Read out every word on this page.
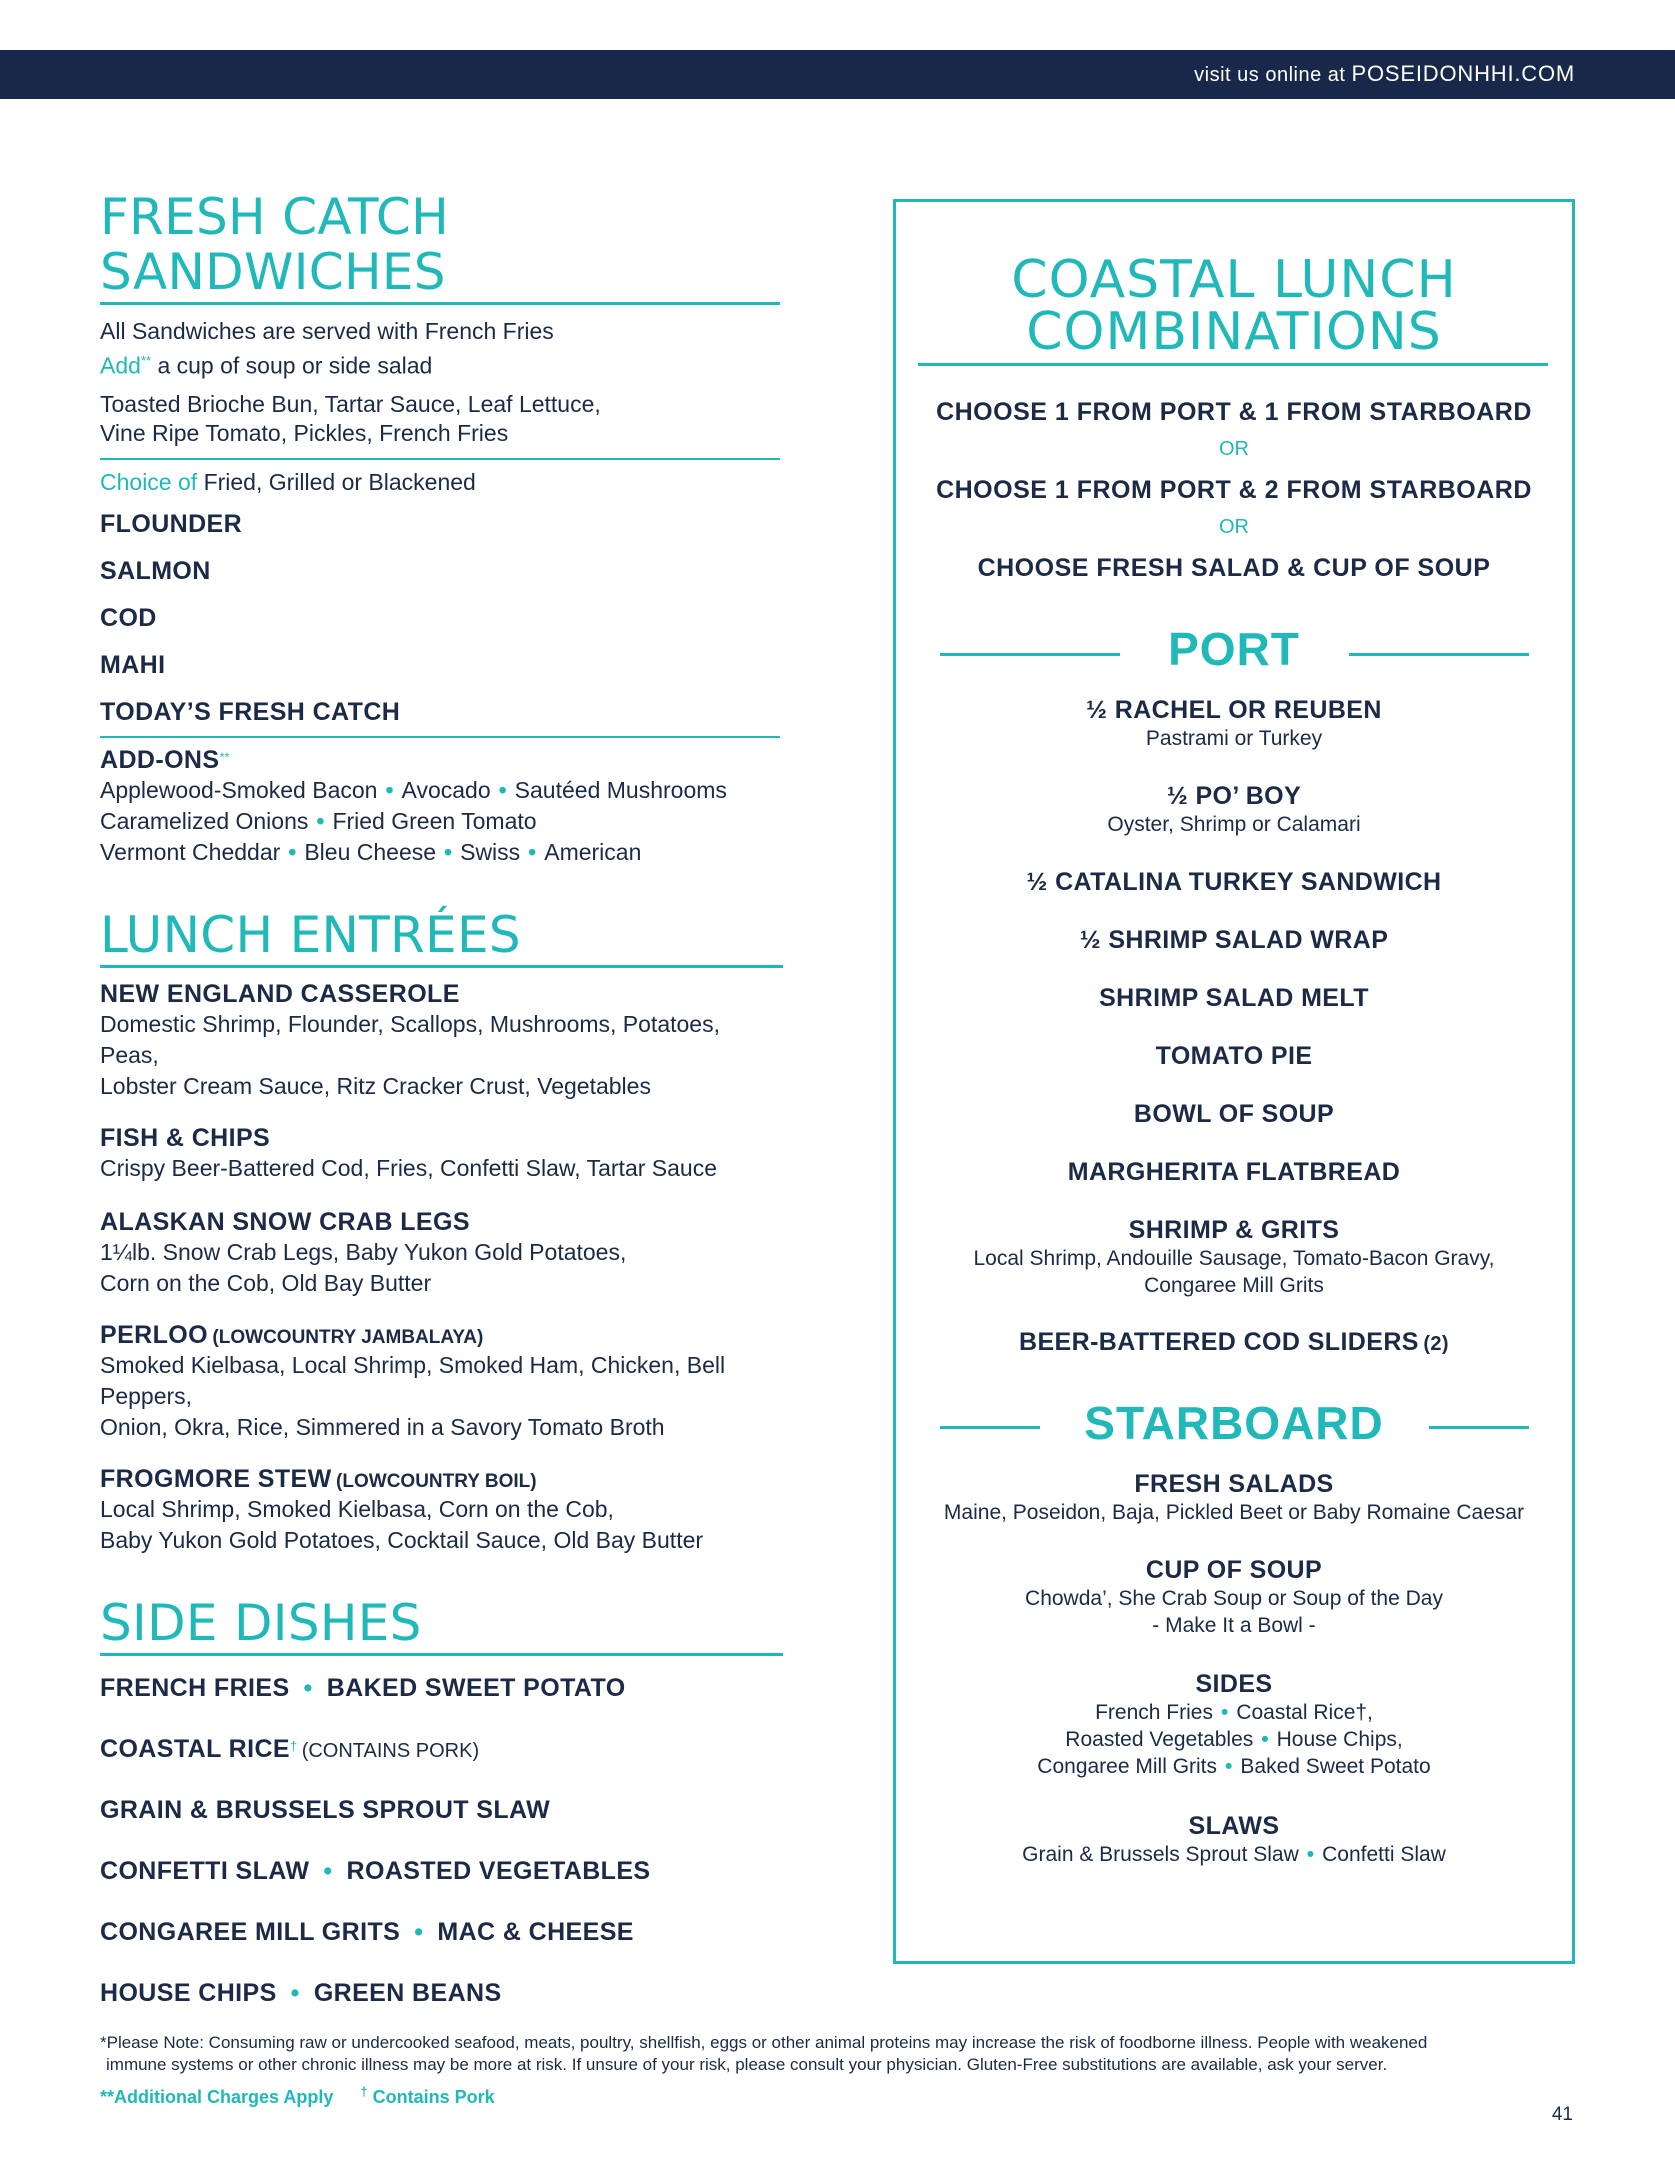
visit us online at POSEIDONHHI.COM
FRESH CATCH SANDWICHES
All Sandwiches are served with French Fries
Add** a cup of soup or side salad
Toasted Brioche Bun, Tartar Sauce, Leaf Lettuce,
Vine Ripe Tomato, Pickles, French Fries
Choice of Fried, Grilled or Blackened
FLOUNDER
SALMON
COD
MAHI
TODAY’S FRESH CATCH
ADD-ONS**
Applewood-Smoked Bacon • Avocado • Sautéed Mushrooms
Caramelized Onions • Fried Green Tomato
Vermont Cheddar • Bleu Cheese • Swiss • American
LUNCH ENTRÉES
NEW ENGLAND CASSEROLE
Domestic Shrimp, Flounder, Scallops, Mushrooms, Potatoes, Peas,
Lobster Cream Sauce, Ritz Cracker Crust, Vegetables
FISH & CHIPS
Crispy Beer-Battered Cod, Fries, Confetti Slaw, Tartar Sauce
ALASKAN SNOW CRAB LEGS
1¼lb. Snow Crab Legs, Baby Yukon Gold Potatoes,
Corn on the Cob, Old Bay Butter
PERLOO (LOWCOUNTRY JAMBALAYA)
Smoked Kielbasa, Local Shrimp, Smoked Ham, Chicken, Bell Peppers,
Onion, Okra, Rice, Simmered in a Savory Tomato Broth
FROGMORE STEW (LOWCOUNTRY BOIL)
Local Shrimp, Smoked Kielbasa, Corn on the Cob,
Baby Yukon Gold Potatoes, Cocktail Sauce, Old Bay Butter
SIDE DISHES
FRENCH FRIES • BAKED SWEET POTATO
COASTAL RICE† (CONTAINS PORK)
GRAIN & BRUSSELS SPROUT SLAW
CONFETTI SLAW • ROASTED VEGETABLES
CONGAREE MILL GRITS • MAC & CHEESE
HOUSE CHIPS • GREEN BEANS
COASTAL LUNCH
COMBINATIONS
CHOOSE 1 FROM PORT & 1 FROM STARBOARD
OR
CHOOSE 1 FROM PORT & 2 FROM STARBOARD
OR
CHOOSE FRESH SALAD & CUP OF SOUP
PORT
½ RACHEL OR REUBEN
Pastrami or Turkey
½ PO’ BOY
Oyster, Shrimp or Calamari
½ CATALINA TURKEY SANDWICH
½ SHRIMP SALAD WRAP
SHRIMP SALAD MELT
TOMATO PIE
BOWL OF SOUP
MARGHERITA FLATBREAD
SHRIMP & GRITS
Local Shrimp, Andouille Sausage, Tomato-Bacon Gravy,
Congaree Mill Grits
BEER-BATTERED COD SLIDERS (2)
STARBOARD
FRESH SALADS
Maine, Poseidon, Baja, Pickled Beet or Baby Romaine Caesar
CUP OF SOUP
Chowda’, She Crab Soup or Soup of the Day
- Make It a Bowl -
SIDES
French Fries • Coastal Rice†,
Roasted Vegetables • House Chips,
Congaree Mill Grits • Baked Sweet Potato
SLAWS
Grain & Brussels Sprout Slaw • Confetti Slaw
*Please Note: Consuming raw or undercooked seafood, meats, poultry, shellfish, eggs or other animal proteins may increase the risk of foodborne illness. People with weakened
immune systems or other chronic illness may be more at risk. If unsure of your risk, please consult your physician. Gluten-Free substitutions are available, ask your server.
**Additional Charges Apply † Contains Pork
41
